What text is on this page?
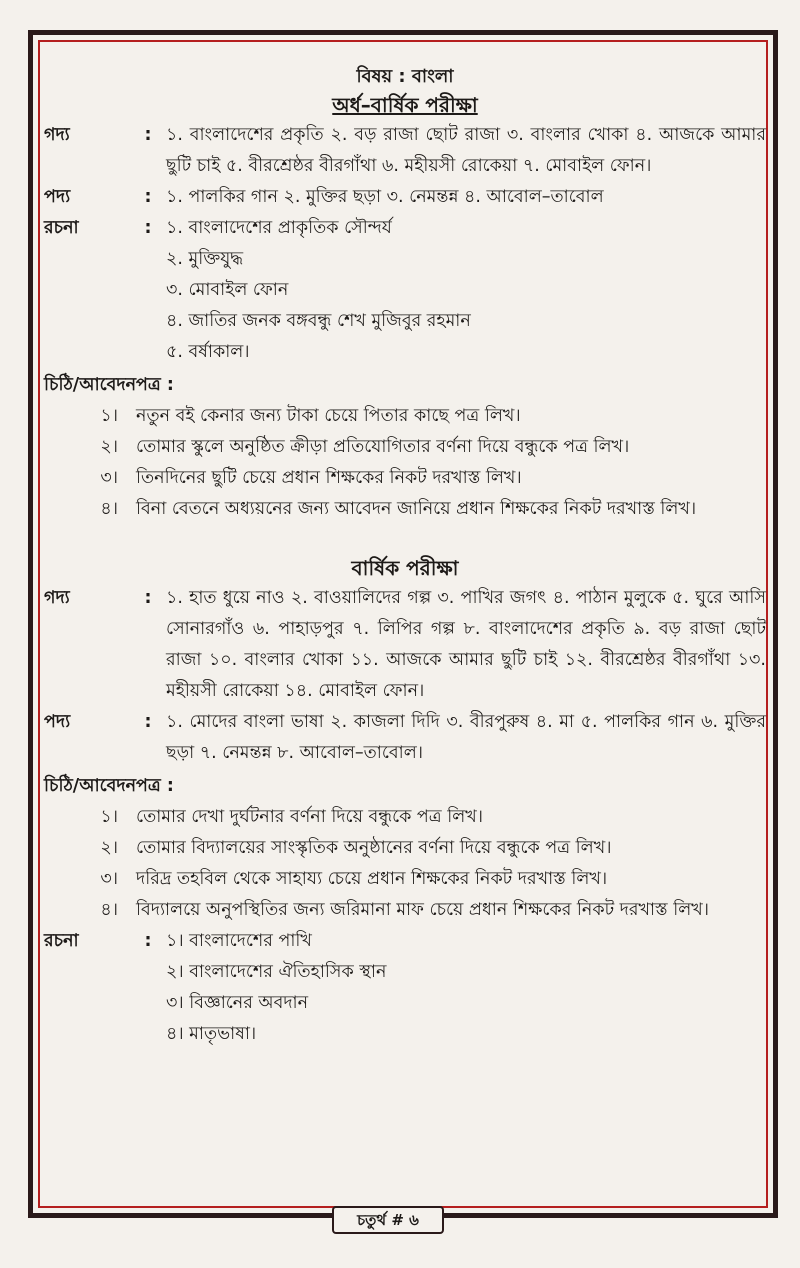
বিষয় : বাংলা
অর্ধ–বার্ষিক পরীক্ষা
গদ্য	: ১. বাংলাদেশের প্রকৃতি ২. বড় রাজা ছোট রাজা ৩. বাংলার খোকা ৪. আজকে আমার ছুটি চাই ৫. বীরশ্রেষ্ঠর বীরগাঁথা ৬. মহীয়সী রোকেয়া ৭. মোবাইল ফোন।
পদ্য	: ১. পালকির গান ২. মুক্তির ছড়া ৩. নেমন্তন্ন ৪. আবোল–তাবোল
রচনা	: ১. বাংলাদেশের প্রাকৃতিক সৌন্দর্য
২. মুক্তিযুদ্ধ
৩. মোবাইল ফোন
৪. জাতির জনক বঙ্গবন্ধু শেখ মুজিবুর রহমান
৫. বর্ষাকাল।
চিঠি/আবেদনপত্র :
১।	নতুন বই কেনার জন্য টাকা চেয়ে পিতার কাছে পত্র লিখ।
২।	তোমার স্কুলে অনুষ্ঠিত ক্রীড়া প্রতিযোগিতার বর্ণনা দিয়ে বন্ধুকে পত্র লিখ।
৩।	তিনদিনের ছুটি চেয়ে প্রধান শিক্ষকের নিকট দরখাস্ত লিখ।
৪।	বিনা বেতনে অধ্যয়নের জন্য আবেদন জানিয়ে প্রধান শিক্ষকের নিকট দরখাস্ত লিখ।
বার্ষিক পরীক্ষা
গদ্য	: ১. হাত ধুয়ে নাও ২. বাওয়ালিদের গল্প ৩. পাখির জগৎ ৪. পাঠান মুলুকে ৫. ঘুরে আসি সোনারগাঁও ৬. পাহাড়পুর ৭. লিপির গল্প ৮. বাংলাদেশের প্রকৃতি ৯. বড় রাজা ছোট রাজা ১০. বাংলার খোকা ১১. আজকে আমার ছুটি চাই ১২. বীরশ্রেষ্ঠর বীরগাঁথা ১৩. মহীয়সী রোকেয়া ১৪. মোবাইল ফোন।
পদ্য	: ১. মোদের বাংলা ভাষা ২. কাজলা দিদি ৩. বীরপুরুষ ৪. মা ৫. পালকির গান ৬. মুক্তির ছড়া ৭. নেমন্তন্ন ৮. আবোল–তাবোল।
চিঠি/আবেদনপত্র :
১।	তোমার দেখা দুর্ঘটনার বর্ণনা দিয়ে বন্ধুকে পত্র লিখ।
২।	তোমার বিদ্যালয়ের সাংস্কৃতিক অনুষ্ঠানের বর্ণনা দিয়ে বন্ধুকে পত্র লিখ।
৩।	দরিদ্র তহবিল থেকে সাহায্য চেয়ে প্রধান শিক্ষকের নিকট দরখাস্ত লিখ।
৪।	বিদ্যালয়ে অনুপস্থিতির জন্য জরিমানা মাফ চেয়ে প্রধান শিক্ষকের নিকট দরখাস্ত লিখ।
রচনা	: ১। বাংলাদেশের পাখি
২। বাংলাদেশের ঐতিহাসিক স্থান
৩। বিজ্ঞানের অবদান
৪। মাতৃভাষা।
চতুর্থ # ৬
